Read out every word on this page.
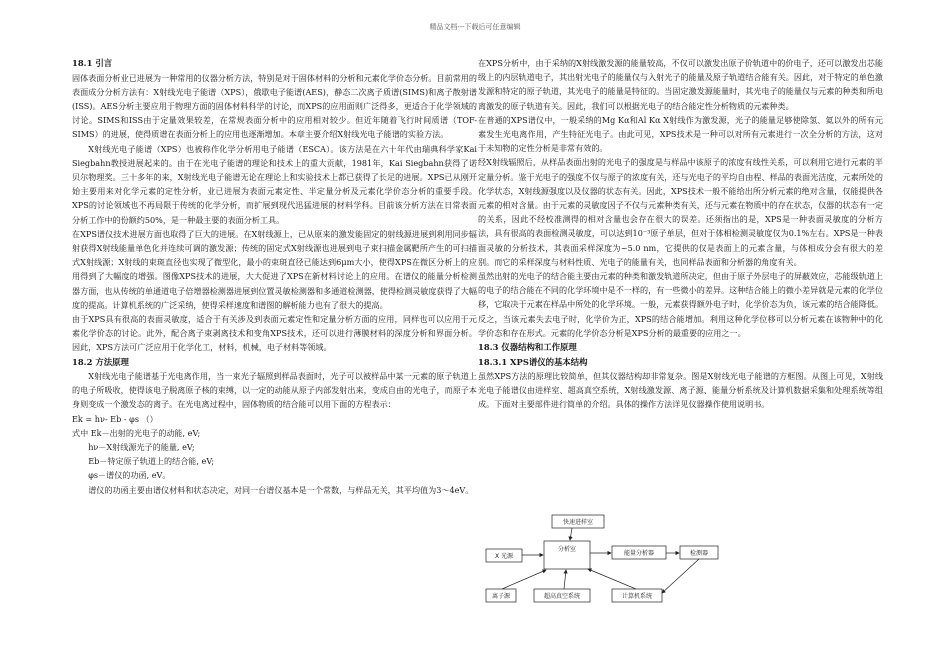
精品文档---下载后可任意编辑
18.1 引言

固体表面分析业已进展为一种常用的仪器分析方法，特别是对于固体材料的分析和元素化学价态分析。目前常用的表面成分分析方法有：X射线光电子能谱（XPS），俄歇电子能谱(AES)，静态二次离子质谱(SIMS)和离子散射谱(ISS)。AES分析主要应用于物理方面的固体材料科学的讨论，而XPS的应用面则广泛得多，更适合于化学领域的讨论。SIMS和ISS由于定量效果较差，在常规表面分析中的应用相对较少。但近年随着飞行时间质谱（TOF-SIMS）的进展，使得质谱在表面分析上的应用也逐渐增加。本章主要介绍X射线光电子能谱的实验方法。

X射线光电子能谱（XPS）也被称作化学分析用电子能谱（ESCA）。该方法是在六十年代由瑞典科学家Kai Siegbahn教授进展起来的。由于在光电子能谱的理论和技术上的重大贡献，1981年，Kai Siegbahn获得了诺贝尔物理奖。三十多年的来，X射线光电子能谱无论在理论上和实验技术上都已获得了长足的进展。XPS已从刚开始主要用来对化学元素的定性分析，业已进展为表面元素定性、半定量分析及元素化学价态分析的重要手段。XPS的讨论领域也不再局限于传统的化学分析，而扩展到现代迅猛进展的材料学科。目前该分析方法在日常表面分析工作中的份额约50%，是一种最主要的表面分析工具。

在XPS谱仪技术进展方面也取得了巨大的进展。在X射线源上，已从原来的激发能固定的射线源进展到利用同步辐射获得X射线能量单色化并连续可调的激发源；传统的固定式X射线源也进展到电子束扫描金属靶所产生的可扫描式X射线源；X射线的束斑直径也实现了微型化，最小的束斑直径已能达到6μm大小，使得XPS在微区分析上的应用得到了大幅度的增强。图像XPS技术的进展，大大促进了XPS在新材料讨论上的应用。在谱仪的能量分析检测器方面，也从传统的单通道电子倍增器检测器进展到位置灵敏检测器和多通道检测器，使得检测灵敏度获得了大幅度的提高。计算机系统的广泛采纳，使得采样速度和谱图的解析能力也有了很大的提高。

由于XPS具有很高的表面灵敏度，适合于有关涉及到表面元素定性和定量分析方面的应用，同样也可以应用于元素化学价态的讨论。此外，配合离子束剥离技术和变角XPS技术，还可以进行薄膜材料的深度分析和界面分析。因此，XPS方法可广泛应用于化学化工，材料，机械，电子材料等领域。

18.2 方法原理

X射线光电子能谱基于光电离作用，当一束光子辐照到样品表面时，光子可以被样品中某一元素的原子轨道上的电子所吸收，使得该电子脱离原子核的束缚，以一定的动能从原子内部发射出来，变成自由的光电子，而原子本身则变成一个激发态的离子。在光电离过程中，固体物质的结合能可以用下面的方程表示：

Ek = hν- Eb - φs （）

式中 Ek－出射的光电子的动能, eV;

hν－X射线源光子的能量, eV;

Eb－特定原子轨道上的结合能, eV;

φs－谱仪的功函, eV。

谱仪的功函主要由谱仪材料和状态决定，对同一台谱仪基本是一个常数，与样品无关，其平均值为3～4eV。

在XPS分析中，由于采纳的X射线激发源的能量较高，不仅可以激发出原子价轨道中的价电子，还可以激发出芯能级上的内层轨道电子，其出射光电子的能量仅与入射光子的能量及原子轨道结合能有关。因此，对于特定的单色激发源和特定的原子轨道，其光电子的能量是特征的。当固定激发源能量时，其光电子的能量仅与元素的种类和所电离激发的原子轨道有关。因此，我们可以根据光电子的结合能定性分析物质的元素种类。

在普通的XPS谱仪中，一般采纳的Mg Kα和Al Kα X射线作为激发源，光子的能量足够使除氢、氦以外的所有元素发生光电离作用，产生特征光电子。由此可见，XPS技术是一种可以对所有元素进行一次全分析的方法，这对于未知物的定性分析是非常有效的。

经X射线辐照后，从样品表面出射的光电子的强度是与样品中该原子的浓度有线性关系，可以利用它进行元素的半定量分析。鉴于光电子的强度不仅与原子的浓度有关，还与光电子的平均自由程、样品的表面光洁度，元素所处的化学状态，X射线源强度以及仪器的状态有关。因此，XPS技术一般不能给出所分析元素的绝对含量，仅能提供各元素的相对含量。由于元素的灵敏度因子不仅与元素种类有关，还与元素在物质中的存在状态，仪器的状态有一定的关系，因此不经校准测得的相对含量也会存在很大的误差。还须指出的是，XPS是一种表面灵敏度的分析方法，具有很高的表面检测灵敏度，可以达到10⁻³原子单层，但对于体相检测灵敏度仅为0.1%左右。XPS是一种表面灵敏的分析技术，其表面采样深度为~5.0 nm，它提供的仅是表面上的元素含量，与体相成分会有很大的差别。而它的采样深度与材料性质、光电子的能量有关，也同样品表面和分析器的角度有关。

虽然出射的光电子的结合能主要由元素的种类和激发轨道所决定，但由于原子外层电子的屏蔽效应，芯能级轨道上的电子的结合能在不同的化学环境中是不一样的，有一些微小的差异。这种结合能上的微小差异就是元素的化学位移，它取决于元素在样品中所处的化学环境。一般，元素获得额外电子时，化学价态为负，该元素的结合能降低。反之，当该元素失去电子时，化学价为正，XPS的结合能增加。利用这种化学位移可以分析元素在该物种中的化学价态和存在形式。元素的化学价态分析是XPS分析的最重要的应用之一。

18.3 仪器结构和工作原理
18.3.1 XPS谱仪的基本结构

虽然XPS方法的原理比较简单，但其仪器结构却非常复杂。图是X射线光电子能谱的方框图。从图上可见，X射线光电子能谱仪由进样室、超高真空系统，X射线激发源、离子源、能量分析系统及计算机数据采集和处理系统等组成。下面对主要部件进行简单的介绍。具体的操作方法详见仪器操作使用说明书。

快速进样室
X 光源
分析室
能量分析器	检测器
离子源	超高真空系统	计算机系统
